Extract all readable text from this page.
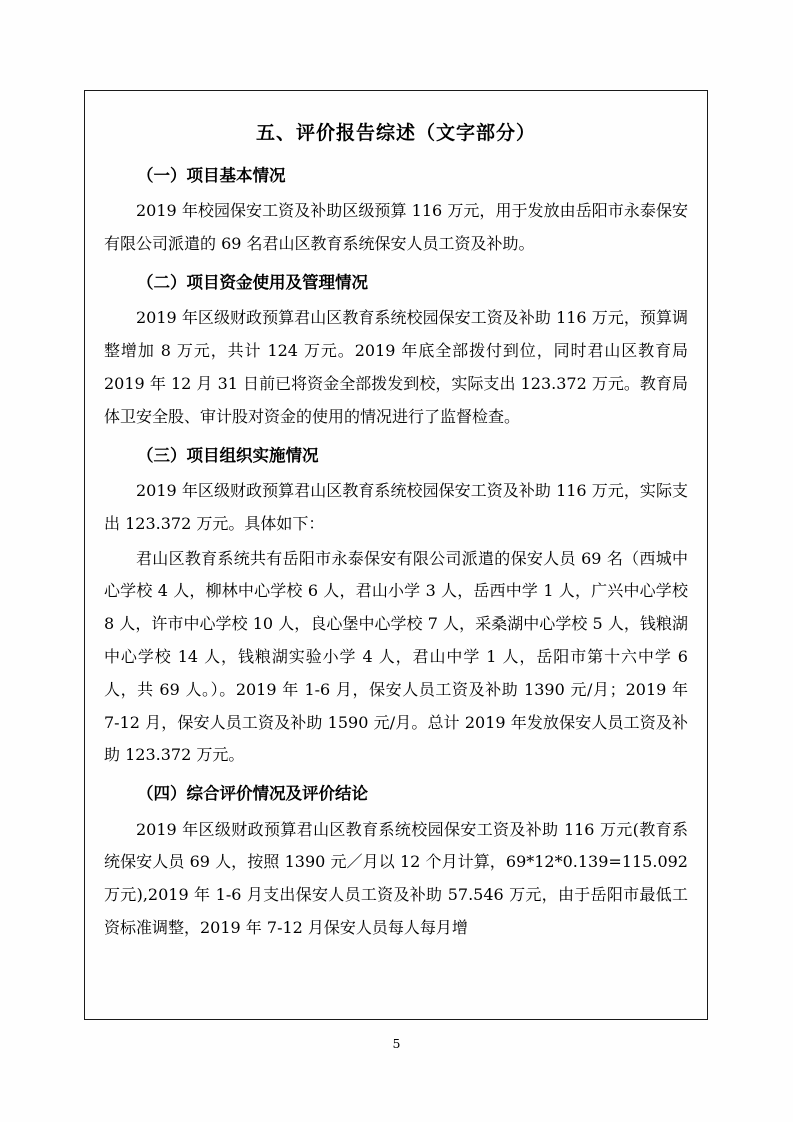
五、评价报告综述（文字部分）
（一）项目基本情况

2019 年校园保安工资及补助区级预算 116 万元，用于发放由岳阳市永泰保安有限公司派遣的 69 名君山区教育系统保安人员工资及补助。

（二）项目资金使用及管理情况

2019 年区级财政预算君山区教育系统校园保安工资及补助 116 万元，预算调整增加 8 万元，共计 124 万元。2019 年底全部拨付到位，同时君山区教育局 2019 年 12 月 31 日前已将资金全部拨发到校，实际支出 123.372 万元。教育局体卫安全股、审计股对资金的使用的情况进行了监督检查。

（三）项目组织实施情况

2019 年区级财政预算君山区教育系统校园保安工资及补助 116 万元，实际支出 123.372 万元。具体如下：

君山区教育系统共有岳阳市永泰保安有限公司派遣的保安人员 69 名（西城中心学校 4 人，柳林中心学校 6 人，君山小学 3 人，岳西中学 1 人，广兴中心学校 8 人，许市中心学校 10 人，良心堡中心学校 7 人，采桑湖中心学校 5 人，钱粮湖中心学校 14 人，钱粮湖实验小学 4 人，君山中学 1 人，岳阳市第十六中学 6 人，共 69 人。）。2019 年 1-6 月，保安人员工资及补助 1390 元/月；2019 年 7-12 月，保安人员工资及补助 1590 元/月。总计 2019 年发放保安人员工资及补助 123.372 万元。

（四）综合评价情况及评价结论

2019 年区级财政预算君山区教育系统校园保安工资及补助 116 万元(教育系统保安人员 69 人，按照 1390 元／月以 12 个月计算，69*12*0.139=115.092 万元),2019 年 1-6 月支出保安人员工资及补助 57.546 万元，由于岳阳市最低工资标准调整，2019 年 7-12 月保安人员每人每月增

5
